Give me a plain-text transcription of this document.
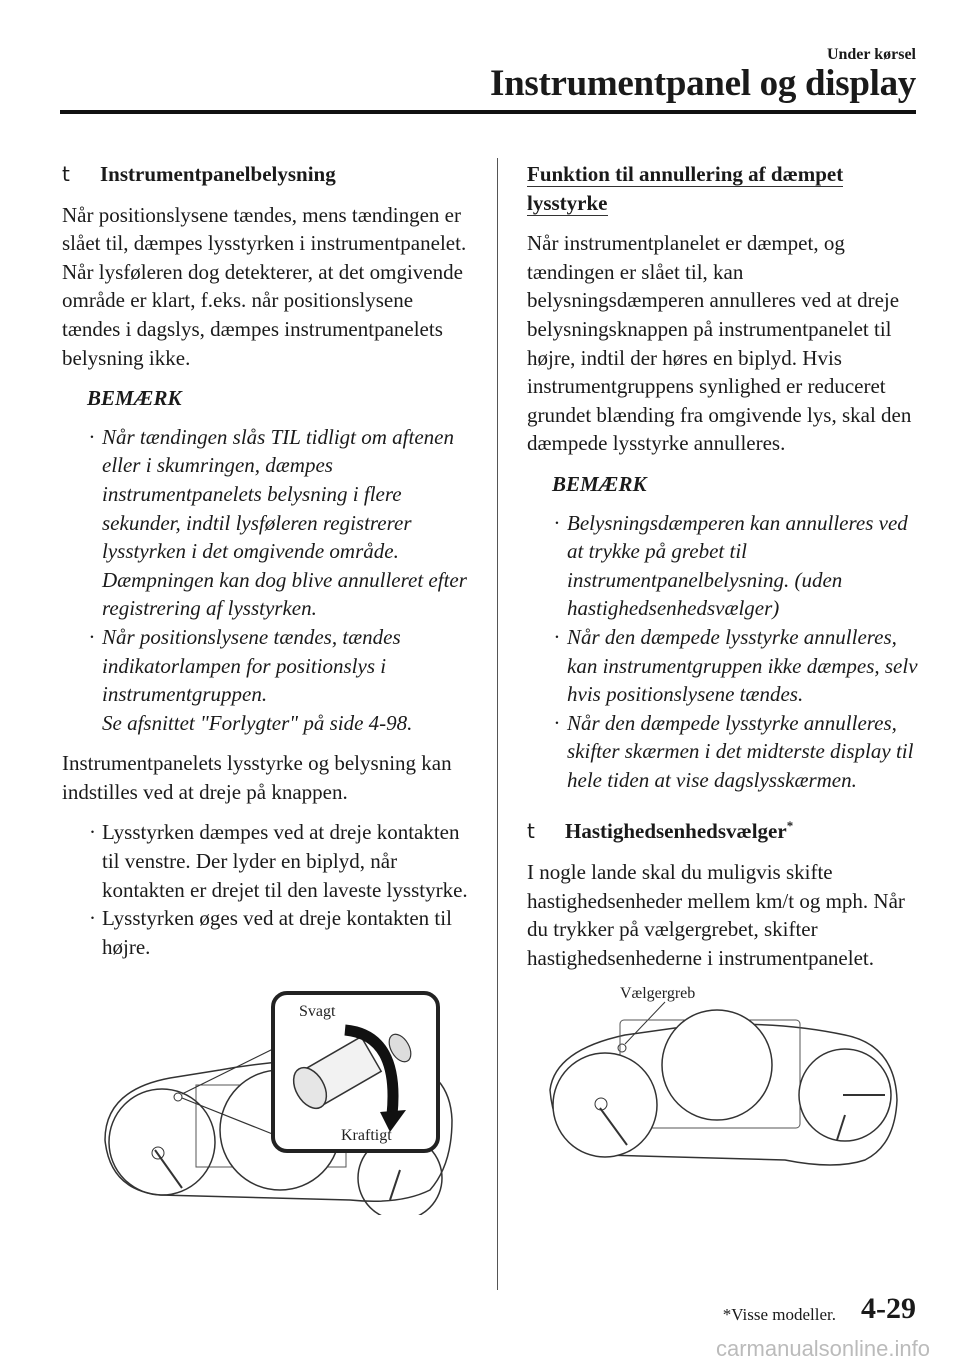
Under kørsel
Instrumentpanel og display
t Instrumentpanelbelysning

Når positionslysene tændes, mens tændingen er slået til, dæmpes lysstyrken i instrumentpanelet. Når lysføleren dog detekterer, at det omgivende område er klart, f.eks. når positionslysene tændes i dagslys, dæmpes instrumentpanelets belysning ikke.

BEMÆRK
· Når tændingen slås TIL tidligt om aftenen eller i skumringen, dæmpes instrumentpanelets belysning i flere sekunder, indtil lysføleren registrerer lysstyrken i det omgivende område. Dæmpningen kan dog blive annulleret efter registrering af lysstyrken.
· Når positionslysene tændes, tændes indikatorlampen for positionslys i instrumentgruppen.
Se afsnittet "Forlygter" på side 4-98.

Instrumentpanelets lysstyrke og belysning kan indstilles ved at dreje på knappen.

· Lysstyrken dæmpes ved at dreje kontakten til venstre. Der lyder en biplyd, når kontakten er drejet til den laveste lysstyrke.
· Lysstyrken øges ved at dreje kontakten til højre.
Funktion til annullering af dæmpet lysstyrke

Når instrumentplanelet er dæmpet, og tændingen er slået til, kan belysningsdæmperen annulleres ved at dreje belysningsknappen på instrumentpanelet til højre, indtil der høres en biplyd. Hvis instrumentgruppens synlighed er reduceret grundet blænding fra omgivende lys, skal den dæmpede lysstyrke annulleres.

BEMÆRK
· Belysningsdæmperen kan annulleres ved at trykke på grebet til instrumentpanelbelysning. (uden hastighedsenhedsvælger)
· Når den dæmpede lysstyrke annulleres, kan instrumentgruppen ikke dæmpes, selv hvis positionslysene tændes.
· Når den dæmpede lysstyrke annulleres, skifter skærmen i det midterste display til hele tiden at vise dagslysskærmen.
t Hastighedsenhedsvælger*

I nogle lande skal du muligvis skifte hastighedsenheder mellem km/t og mph. Når du trykker på vælgergrebet, skifter hastighedsenhederne i instrumentpanelet.

Svagt
Kraftigt
Vælgergreb
*Visse modeller. 4-29
carmanualsonline.info
